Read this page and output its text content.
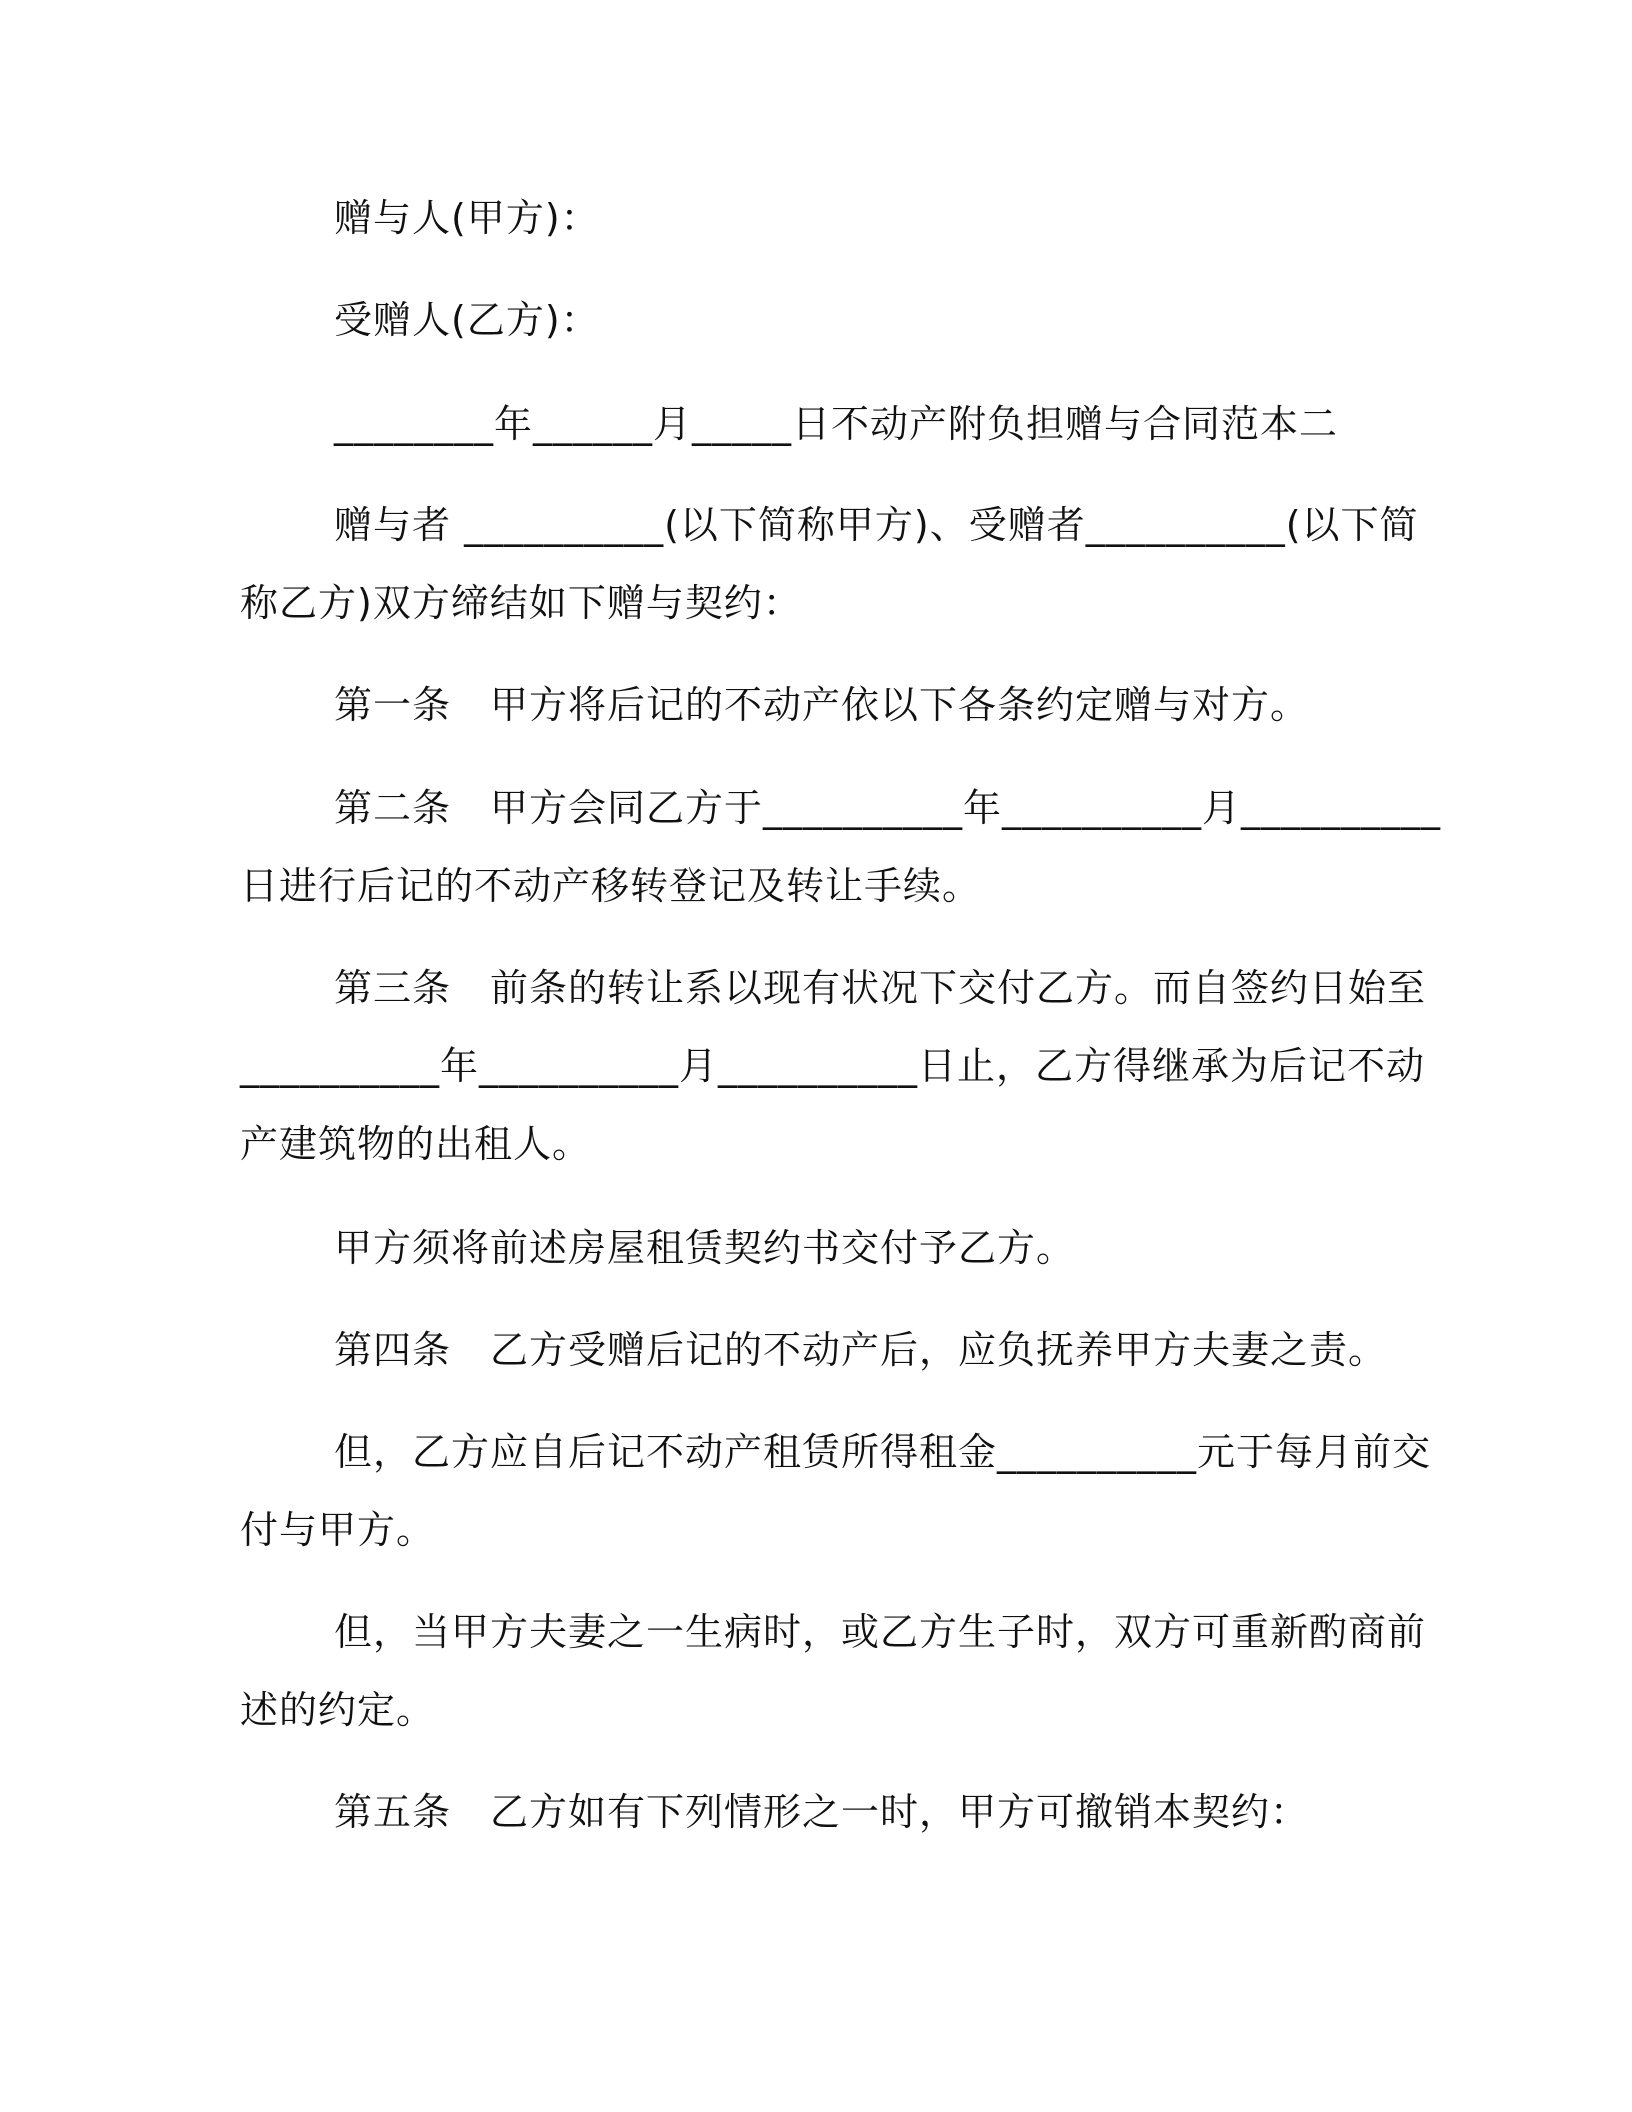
赠与人(甲方)：
受赠人(乙方)：
________年______月_____日不动产附负担赠与合同范本二
赠与者 __________(以下简称甲方)、受赠者__________(以下简
称乙方)双方缔结如下赠与契约：
第一条　甲方将后记的不动产依以下各条约定赠与对方。
第二条　甲方会同乙方于__________年__________月__________
日进行后记的不动产移转登记及转让手续。
第三条　前条的转让系以现有状况下交付乙方。而自签约日始至
__________年__________月__________日止，乙方得继承为后记不动
产建筑物的出租人。
甲方须将前述房屋租赁契约书交付予乙方。
第四条　乙方受赠后记的不动产后，应负抚养甲方夫妻之责。
但，乙方应自后记不动产租赁所得租金__________元于每月前交
付与甲方。
但，当甲方夫妻之一生病时，或乙方生子时，双方可重新酌商前
述的约定。
第五条　乙方如有下列情形之一时，甲方可撤销本契约：
